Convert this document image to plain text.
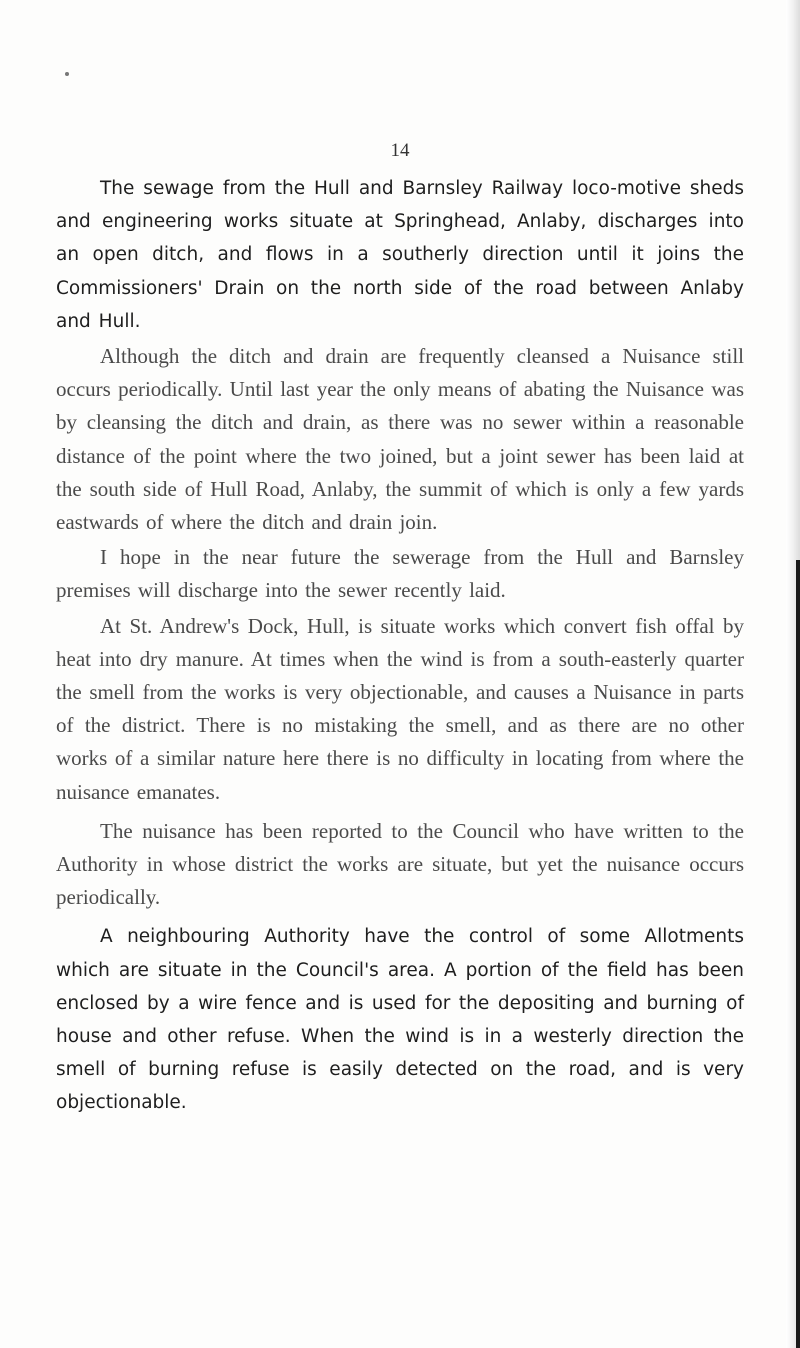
14

The sewage from the Hull and Barnsley Railway loco-motive sheds and engineering works situate at Springhead, Anlaby, discharges into an open ditch, and flows in a southerly direction until it joins the Commissioners' Drain on the north side of the road between Anlaby and Hull.

Although the ditch and drain are frequently cleansed a Nuisance still occurs periodically. Until last year the only means of abating the Nuisance was by cleansing the ditch and drain, as there was no sewer within a reasonable distance of the point where the two joined, but a joint sewer has been laid at the south side of Hull Road, Anlaby, the summit of which is only a few yards eastwards of where the ditch and drain join.

I hope in the near future the sewerage from the Hull and Barnsley premises will discharge into the sewer recently laid.

At St. Andrew's Dock, Hull, is situate works which convert fish offal by heat into dry manure. At times when the wind is from a south-easterly quarter the smell from the works is very objectionable, and causes a Nuisance in parts of the district. There is no mistaking the smell, and as there are no other works of a similar nature here there is no difficulty in locating from where the nuisance emanates.

The nuisance has been reported to the Council who have written to the Authority in whose district the works are situate, but yet the nuisance occurs periodically.

A neighbouring Authority have the control of some Allotments which are situate in the Council's area. A portion of the field has been enclosed by a wire fence and is used for the depositing and burning of house and other refuse. When the wind is in a westerly direction the smell of burning refuse is easily detected on the road, and is very objectionable.
